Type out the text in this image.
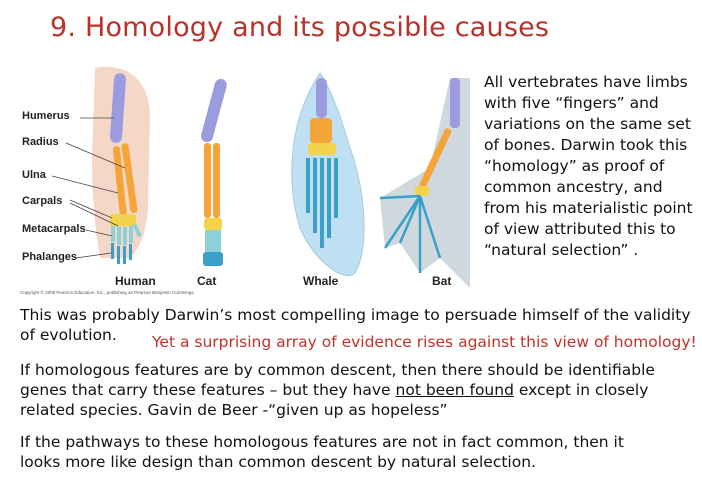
9. Homology and its possible causes
Humerus
Radius
Ulna
Carpals
Metacarpals
Phalanges
Human	Cat	Whale	Bat
Copyright © 2008 Pearson Education, Inc., publishing as Pearson Benjamin Cummings.
All vertebrates have limbs with five “fingers” and variations on the same set of bones. Darwin took this “homology” as proof of common ancestry, and from his materialistic point of view attributed this to “natural selection” .
This was probably Darwin’s most compelling image to persuade himself of the validity of evolution.	Yet a surprising array of evidence rises against this view of homology!
If homologous features are by common descent, then there should be identifiable genes that carry these features – but they have not been found except in closely related species. Gavin de Beer -“given up as hopeless”
If the pathways to these homologous features are not in fact common, then it looks more like design than common descent by natural selection.
